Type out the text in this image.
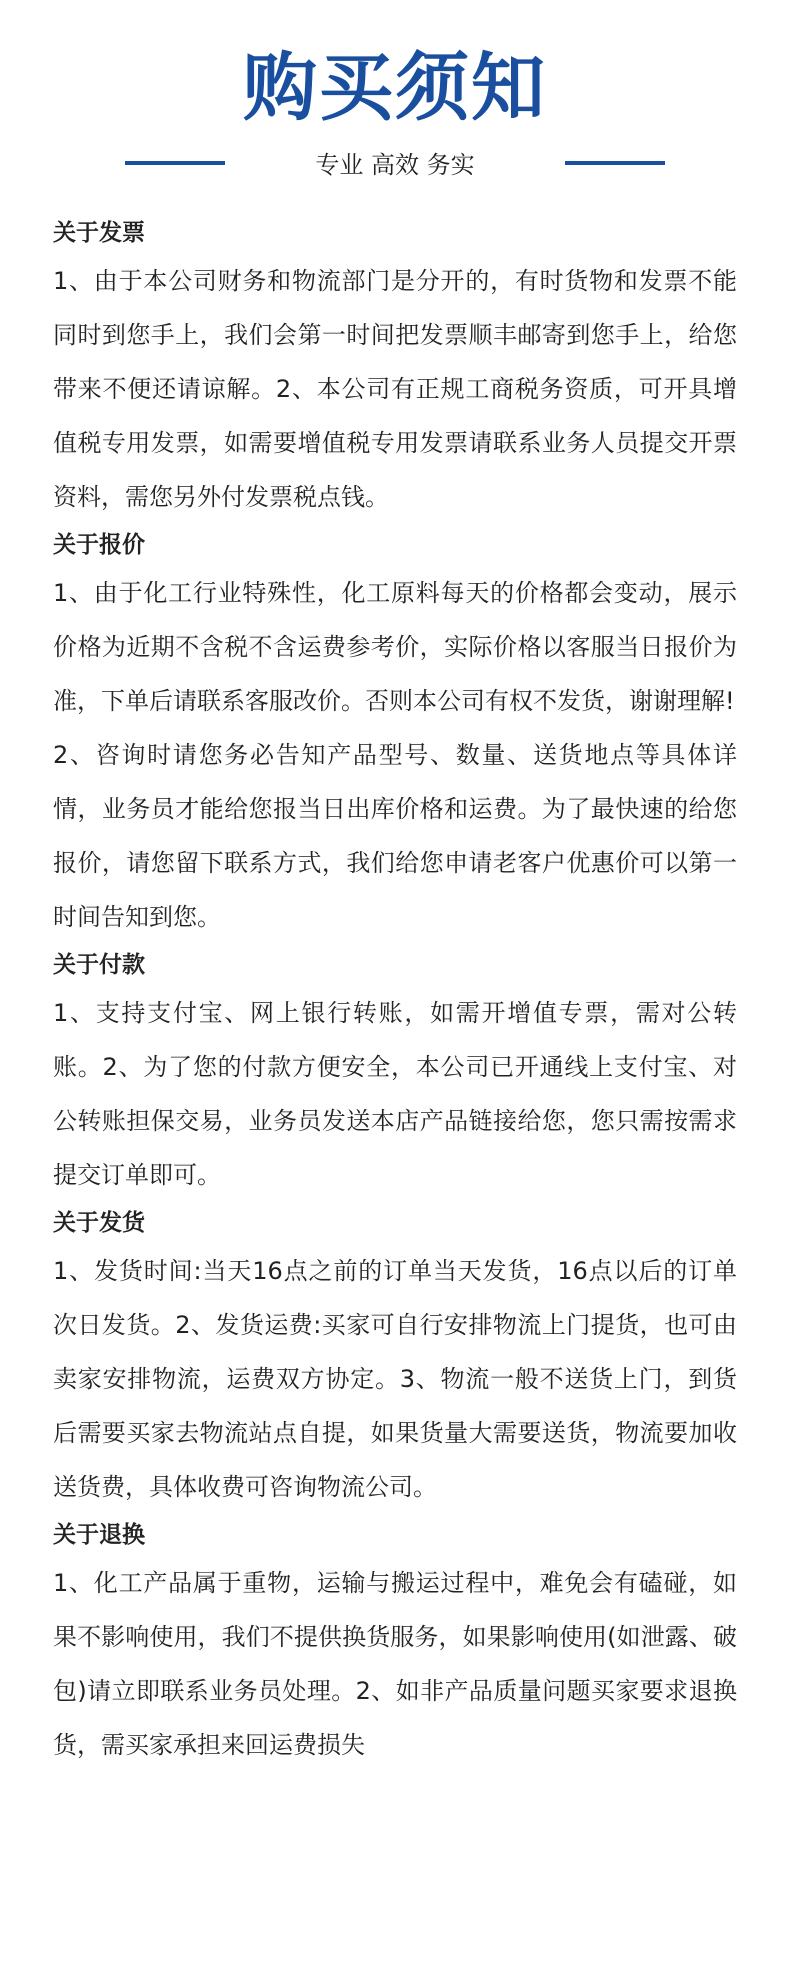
购买须知
专业 高效 务实
关于发票

1、由于本公司财务和物流部门是分开的，有时货物和发票不能同时到您手上，我们会第一时间把发票顺丰邮寄到您手上，给您带来不便还请谅解。2、本公司有正规工商税务资质，可开具增值税专用发票，如需要增值税专用发票请联系业务人员提交开票资料，需您另外付发票税点钱。

关于报价

1、由于化工行业特殊性，化工原料每天的价格都会变动，展示价格为近期不含税不含运费参考价，实际价格以客服当日报价为准，下单后请联系客服改价。否则本公司有权不发货，谢谢理解!

2、咨询时请您务必告知产品型号、数量、送货地点等具体详情，业务员才能给您报当日出库价格和运费。为了最快速的给您报价，请您留下联系方式，我们给您申请老客户优惠价可以第一时间告知到您。

关于付款

1、支持支付宝、网上银行转账，如需开增值专票，需对公转账。2、为了您的付款方便安全，本公司已开通线上支付宝、对公转账担保交易，业务员发送本店产品链接给您，您只需按需求提交订单即可。

关于发货

1、发货时间:当天16点之前的订单当天发货，16点以后的订单次日发货。2、发货运费:买家可自行安排物流上门提货，也可由卖家安排物流，运费双方协定。3、物流一般不送货上门，到货后需要买家去物流站点自提，如果货量大需要送货，物流要加收送货费，具体收费可咨询物流公司。

关于退换

1、化工产品属于重物，运输与搬运过程中，难免会有磕碰，如果不影响使用，我们不提供换货服务，如果影响使用(如泄露、破包)请立即联系业务员处理。2、如非产品质量问题买家要求退换货，需买家承担来回运费损失
